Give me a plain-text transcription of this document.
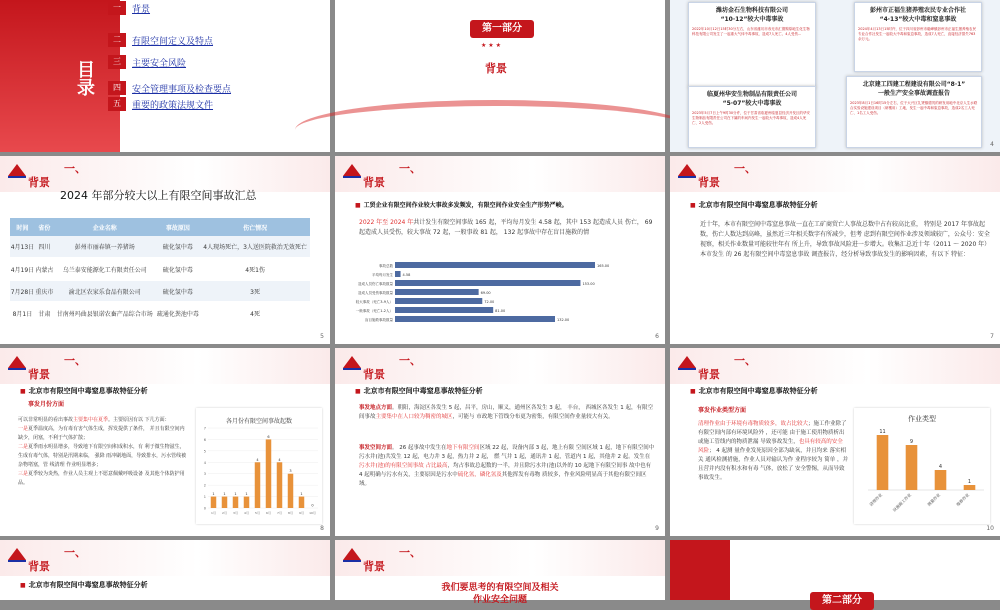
目录
一	背景
二	有限空间定义及特点
三	主要安全风险
四	安全管理事项及检查要点
五	重要的政策法规文件
第一部分
★ ★ ★
背景
潍坊金石生物科技有限公司
“10·12”较大中毒事故
2022年10月12日15时30分左右，山东省潍坊市寿光市汇德购原地生化生物科技有限公司发生了一起重大气体中毒事故，造成7人死亡、4人受伤...
彭州市正福生猪养殖农民专业合作社
“4·13”较大中毒和窒息事故
2024年4月13日15时许，位于四川省彭州市磁峰镇彭州市正福生猪养殖农民专业合作社发生一起较大中毒和窒息事故，造成7人死亡，直接经济损失763余万元。
临夏州华安生物制品有限责任公司
“5·07”较大中毒事故
2023年5月7日上午9时30分许，位于甘肃省临夏州临夏县经济开发区的华安生物制品有限责任公司在下属的车间内发生一起较大中毒事故，造成4人死亡、2人受伤。
北京建工四建工程建设有限公司“8·1”
一般生产安全事故调查报告
2023年8月1日16时15分左右，位于大兴区礼贤镇德茂的研发用地中北京人生水联合实验设施建设项目（研楼用）工地，发生一起中毒和窒息事故，造成2名工人死亡、1名工人受伤。
4
一、
背景
2024 年部分较大以上有限空间事故汇总
时间	省份	企业名称	事故原因	伤亡情况
4月13日	四川	彭州市丽春镇一养猪场	硫化氢中毒	4人现场死亡，3人送医院救治无效死亡
4月19日	内蒙古	乌兰泰安能源化工有限责任公司	硫化氢中毒	4死1伤
7月28日	重庆市	渝北区农家乐食品有限公司	硫化氢中毒	3死
8月1日	甘肃	甘南州玛曲县银诺农畜产品综合市场	疏通化粪池中毒	4死
5
一、
背景
■ 工贸企业有限空间作业较大事故多发频发，有限空间作业安全生产形势严峻。
2022 年至 2024 年共计发生有限空间事故 165 起，平均每月发生 4.58 起，其中 153 起造成人员 伤亡， 69 起造成人员受伤，较大事故 72 起，一般事故 81 起， 132 起事故中存在盲目施救的情
事故总数	165.00
平均每月发生	4.58
造成人员伤亡事故数量	153.00
造成人员受伤事故数量	69.00
较大事故（死亡3-9人）	72.00
一般事故（死亡1-2人）	81.00
盲目施救事故数量	132.00
6
一、
背景
■ 北京市有限空间中毒窒息事故特征分析
近十年，本市有限空间中毒窒息事故一直在工矿商贸亡人事故总数中占有较高比重， 特别是 2017 年事故起数，伤亡人数达到高峰，虽然近三年相关数字有所减少，但考 虑到有限空间作业涉及领域较广，公众号：安全视察，相关作业数量可能较往年有 所上升，导致事故风险进一步增大。收集汇总近十年（2011 ～ 2020 年）本市发生 的 26 起有限空间中毒窒息事故 调查报告，经分析导致事故发生的影响因素，有以下 特征：
7
一、
背景
■ 北京市有限空间中毒窒息事故特征分析
事发月份方面
可以非常明显的看出事故主要集中在夏季。主要原因有以 下几方面：
一是夏季温度高，为有毒有害气体生成，挥发提供了条件， 并且有限空间内缺少，闭塞，不利于气体扩散；
二是夏季雨水明显增多，导致地下有限空间积成积水，有 利于微生物滋生，生成有毒气体，特别是汛期来临， 强降 雨冲刷地面，导致排水，污水管线被杂物堵塞，管 线清理 作业明显增多；
三是夏季较为炎热，作业人员主观上不愿意佩戴呼吸设备 及其他个体防护用品。
各月份有限空间事故起数
0
1
2
3
4
5
6
7
1
1月
1
2月
1
3月
1
4月
4
5月
6
6月
4
7月
3
8月
1
9月
0
10月
8
一、
背景
■ 北京市有限空间中毒窒息事故特征分析
事发地点方面。朝阳，海淀区各发生 5 起，昌平，房山，顺义，通州区各发生 3 起， 丰台， 西城区各发生 1 起，有限空间事故主要集中在人口较为稠密的城区，可能与 市政地下管线分布更为密集，有限空间作业量较大有关。
事发空间方面。 26 起事故中发生在地下有限空间区域 22 起，设备内部 3 起，地上有限 空间区域 1 起，地下有限空间中污水井(池)共发生 12 起，电力井 3 起，热力井 2 起， 燃 气井 1 起，通讯井 1 起，管道内 1 起，其他井 2 起。发生在污水井(池)的有限空间事故 占比最高，均占事故总起数的一半，并且除污水井(池)以外的 10 起地下有限空间事 故中也有 4 起明确与污水有关，主要原因是污水中硫化氢，磷化氢及其他挥发有毒物 质较多，作业风险明显高于其他有限空间区域。
9
一、
背景
■ 北京市有限空间中毒窒息事故特征分析
事发作业类型方面
清理作业由于环境有毒物质较多，故占比较大；施工作业除了有限空间内部有环境风险外 ，还可能 由于施工使用物质析出或施工管线内的物质泄漏 导致事故发生，也具有较高的安全风险； 4 起测 量作业发死原因全部为缺氧，并且均来 落实相关 通风检测措施，作业人员对输认为作 业程序较为 简单 ，并且营并内没有积水和有毒 气体，放松了 安全警惕，从而导致事故发生。
作业类型
11
清理作业
9
设施施工作业
4
测量作业
1
维修作业
10
一、
背景
■ 北京市有限空间中毒窒息事故特征分析
一、
背景
我们要思考的有限空间及相关
作业安全问题	第二部分
